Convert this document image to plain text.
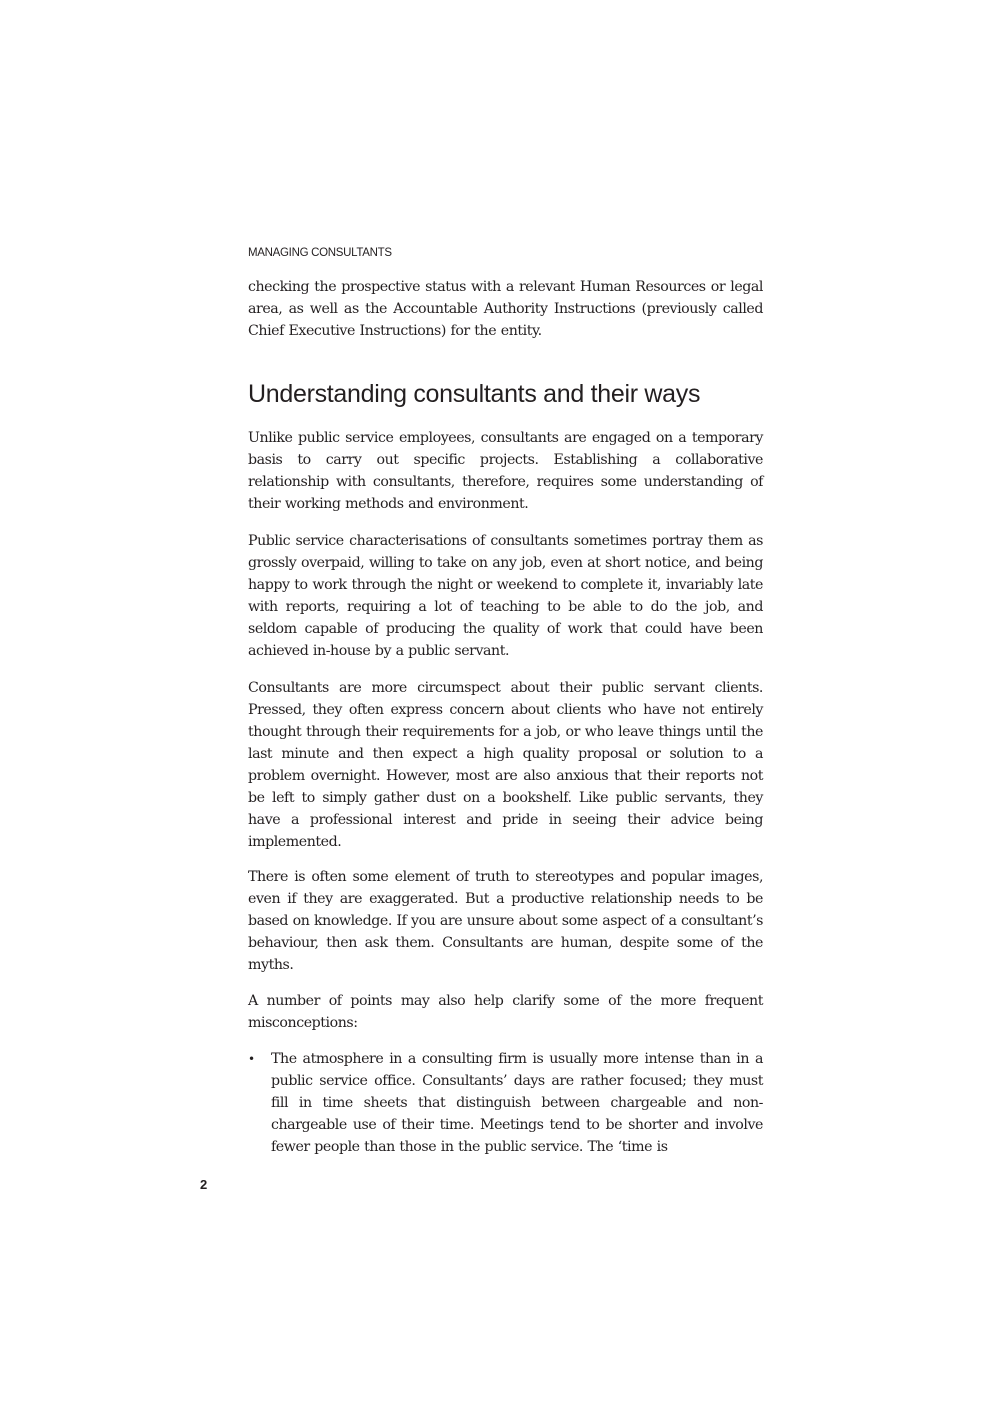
MANAGING CONSULTANTS

checking the prospective status with a relevant Human Resources or legal area, as well as the Accountable Authority Instructions (previously called Chief Executive Instructions) for the entity.

Understanding consultants and their ways

Unlike public service employees, consultants are engaged on a temporary basis to carry out specific projects. Establishing a collaborative relationship with consultants, therefore, requires some understanding of their working methods and environment.

Public service characterisations of consultants sometimes portray them as grossly overpaid, willing to take on any job, even at short notice, and being happy to work through the night or weekend to complete it, invariably late with reports, requiring a lot of teaching to be able to do the job, and seldom capable of producing the quality of work that could have been achieved in-house by a public servant.

Consultants are more circumspect about their public servant clients. Pressed, they often express concern about clients who have not entirely thought through their requirements for a job, or who leave things until the last minute and then expect a high quality proposal or solution to a problem overnight. However, most are also anxious that their reports not be left to simply gather dust on a bookshelf. Like public servants, they have a professional interest and pride in seeing their advice being implemented.

There is often some element of truth to stereotypes and popular images, even if they are exaggerated. But a productive relationship needs to be based on knowledge. If you are unsure about some aspect of a consultant’s behaviour, then ask them. Consultants are human, despite some of the myths.

A number of points may also help clarify some of the more frequent misconceptions:

• The atmosphere in a consulting firm is usually more intense than in a public service office. Consultants’ days are rather focused; they must fill in time sheets that distinguish between chargeable and non-chargeable use of their time. Meetings tend to be shorter and involve fewer people than those in the public service. The ‘time is
2
